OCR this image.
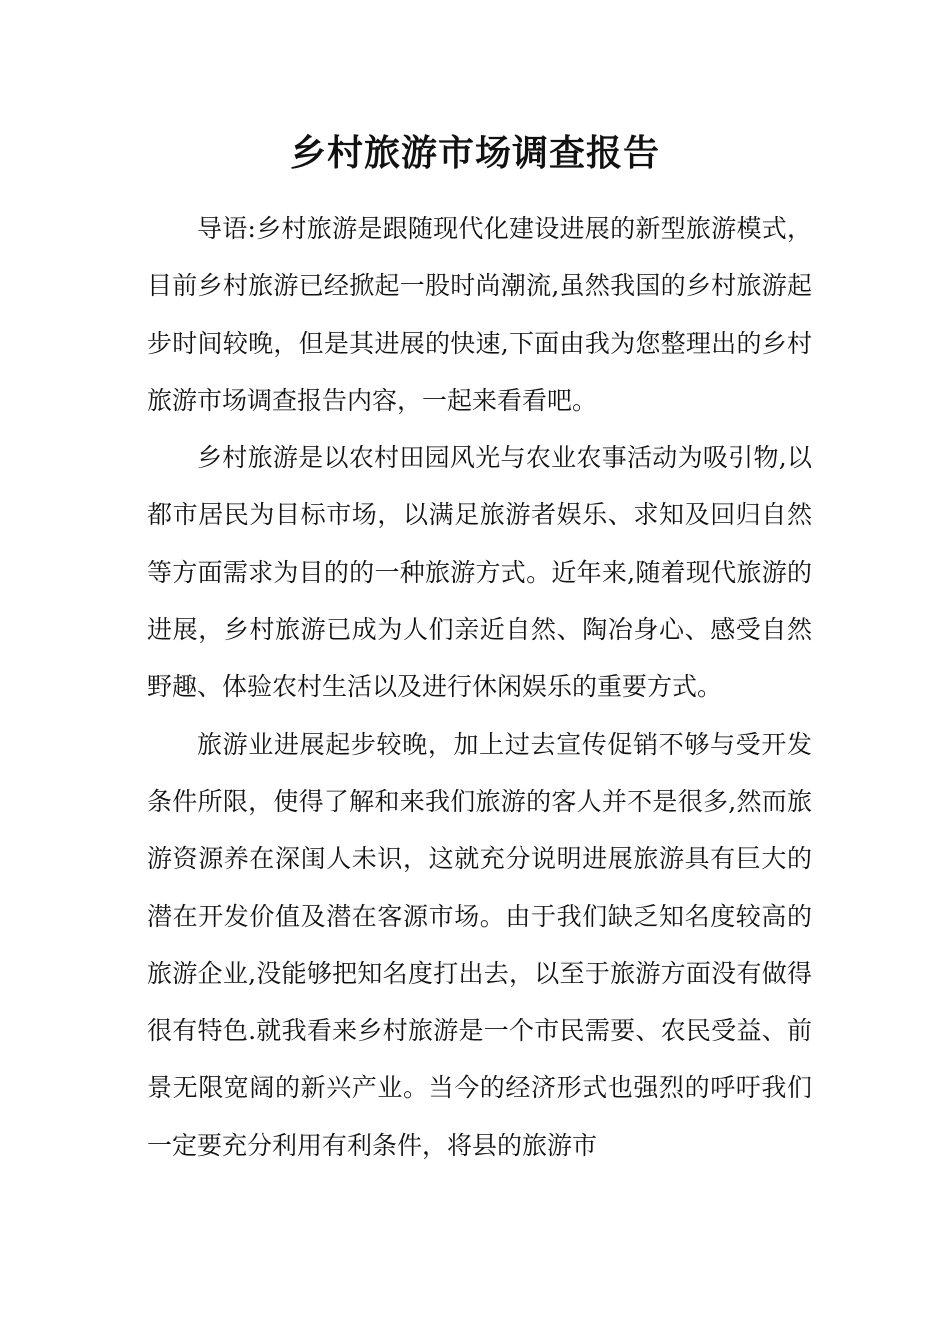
乡村旅游市场调查报告

导语:乡村旅游是跟随现代化建设进展的新型旅游模式，目前乡村旅游已经掀起一股时尚潮流,虽然我国的乡村旅游起步时间较晚，但是其进展的快速,下面由我为您整理出的乡村旅游市场调查报告内容，一起来看看吧。

乡村旅游是以农村田园风光与农业农事活动为吸引物,以都市居民为目标市场，以满足旅游者娱乐、求知及回归自然等方面需求为目的的一种旅游方式。近年来,随着现代旅游的进展，乡村旅游已成为人们亲近自然、陶冶身心、感受自然野趣、体验农村生活以及进行休闲娱乐的重要方式。

旅游业进展起步较晚，加上过去宣传促销不够与受开发条件所限，使得了解和来我们旅游的客人并不是很多,然而旅游资源养在深闺人未识，这就充分说明进展旅游具有巨大的潜在开发价值及潜在客源市场。由于我们缺乏知名度较高的旅游企业,没能够把知名度打出去，以至于旅游方面没有做得很有特色.就我看来乡村旅游是一个市民需要、农民受益、前景无限宽阔的新兴产业。当今的经济形式也强烈的呼吁我们一定要充分利用有利条件，将县的旅游市
